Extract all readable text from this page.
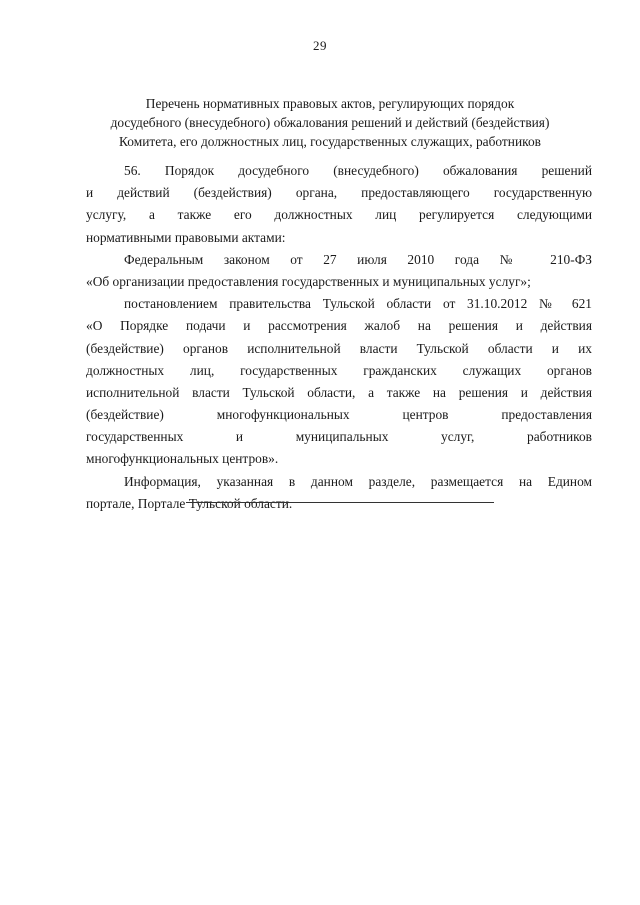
29
Перечень нормативных правовых актов, регулирующих порядок
досудебного (внесудебного) обжалования решений и действий (бездействия)
Комитета, его должностных лиц, государственных служащих, работников
56. Порядок досудебного (внесудебного) обжалования решений
и действий (бездействия) органа, предоставляющего государственную
услугу, а также его должностных лиц регулируется следующими
нормативными правовыми актами:
Федеральным законом от 27 июля 2010 года № 210-ФЗ
«Об организации предоставления государственных и муниципальных услуг»;
постановлением правительства Тульской области от 31.10.2012 № 621
«О Порядке подачи и рассмотрения жалоб на решения и действия
(бездействие) органов исполнительной власти Тульской области и их
должностных лиц, государственных гражданских служащих органов
исполнительной власти Тульской области, а также на решения и действия
(бездействие) многофункциональных центров предоставления
государственных и муниципальных услуг, работников
многофункциональных центров».
Информация, указанная в данном разделе, размещается на Едином
портале, Портале Тульской области.
